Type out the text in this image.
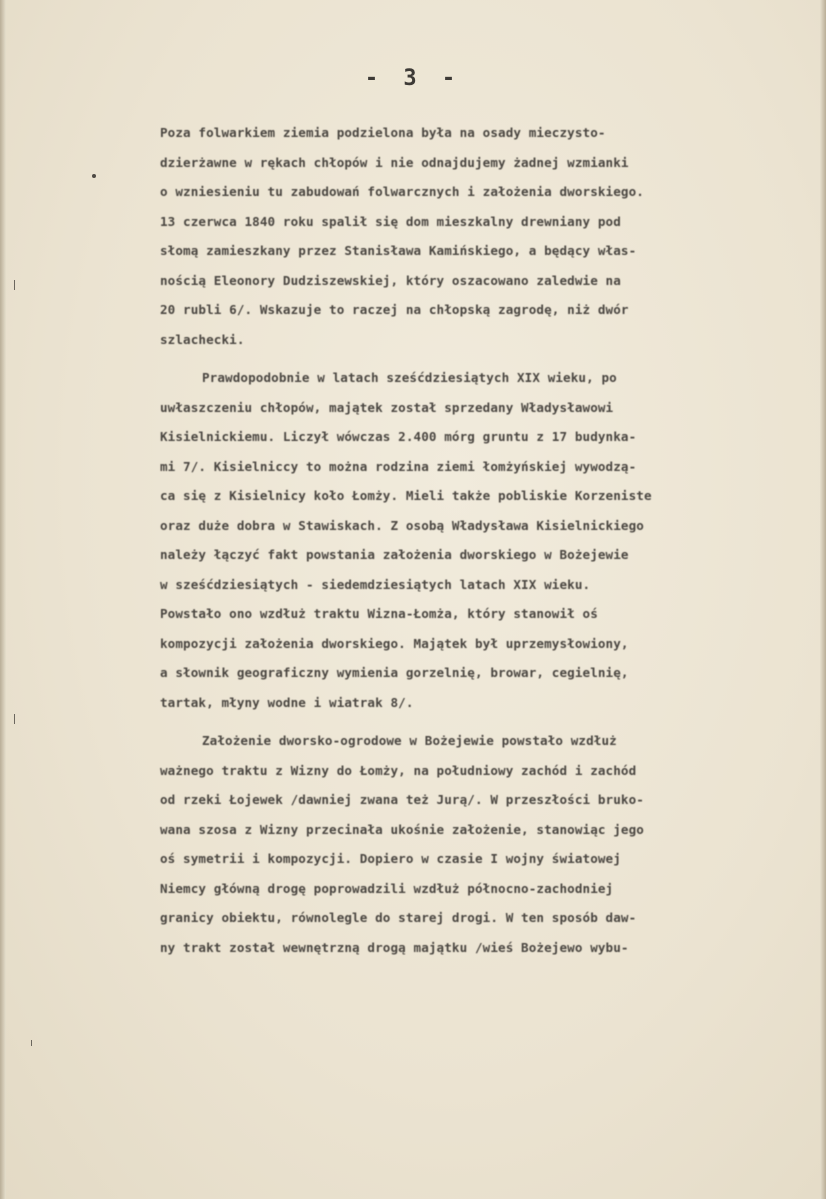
- 3 -
Poza folwarkiem ziemia podzielona była na osady mieczysto-
dzierżawne w rękach chłopów i nie odnajdujemy żadnej wzmianki
o wzniesieniu tu zabudowań folwarcznych i założenia dworskiego.
13 czerwca 1840 roku spalił się dom mieszkalny drewniany pod
słomą zamieszkany przez Stanisława Kamińskiego, a będący włas-
nością Eleonory Dudziszewskiej, który oszacowano zaledwie na
20 rubli 6/. Wskazuje to raczej na chłopską zagrodę, niż dwór
szlachecki.
Prawdopodobnie w latach sześćdziesiątych XIX wieku, po
uwłaszczeniu chłopów, majątek został sprzedany Władysławowi
Kisielnickiemu. Liczył wówczas 2.400 mórg gruntu z 17 budynka-
mi 7/. Kisielniccy to można rodzina ziemi łomżyńskiej wywodzą-
ca się z Kisielnicy koło Łomży. Mieli także pobliskie Korzeniste
oraz duże dobra w Stawiskach. Z osobą Władysława Kisielnickiego
należy łączyć fakt powstania założenia dworskiego w Bożejewie
w sześćdziesiątych - siedemdziesiątych latach XIX wieku.
Powstało ono wzdłuż traktu Wizna-Łomża, który stanowił oś
kompozycji założenia dworskiego. Majątek był uprzemysłowiony,
a słownik geograficzny wymienia gorzelnię, browar, cegielnię,
tartak, młyny wodne i wiatrak 8/.
Założenie dworsko-ogrodowe w Bożejewie powstało wzdłuż
ważnego traktu z Wizny do Łomży, na południowy zachód i zachód
od rzeki Łojewek /dawniej zwana też Jurą/. W przeszłości bruko-
wana szosa z Wizny przecinała ukośnie założenie, stanowiąc jego
oś symetrii i kompozycji. Dopiero w czasie I wojny światowej
Niemcy główną drogę poprowadzili wzdłuż północno-zachodniej
granicy obiektu, równolegle do starej drogi. W ten sposób daw-
ny trakt został wewnętrzną drogą majątku /wieś Bożejewo wybu-
